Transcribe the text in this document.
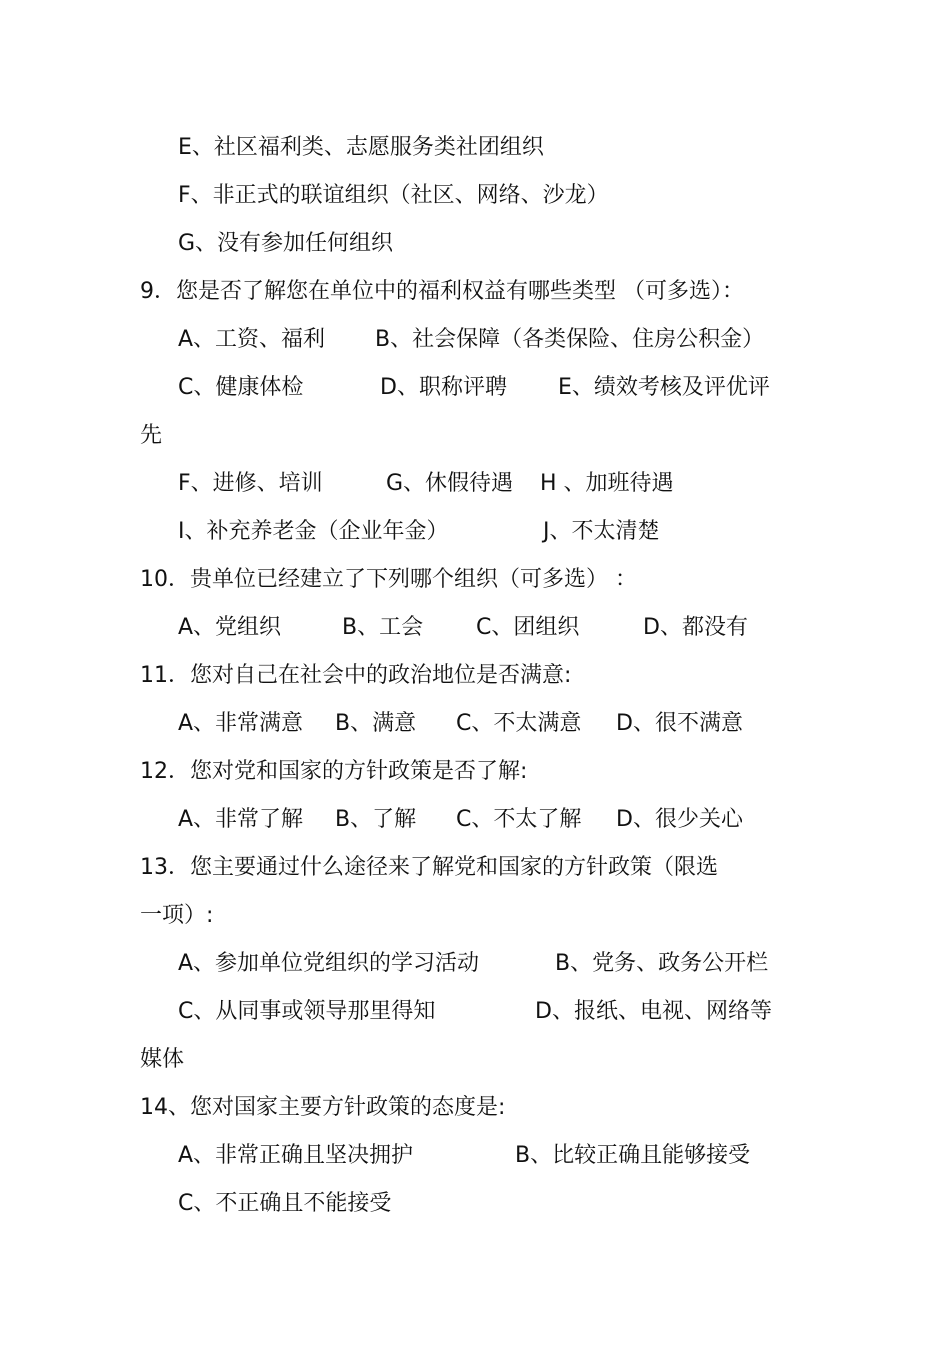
E、社区福利类、志愿服务类社团组织
F、非正式的联谊组织（社区、网络、沙龙）
G、没有参加任何组织
9．您是否了解您在单位中的福利权益有哪些类型 （可多选）：
A、工资、福利 B、社会保障（各类保险、住房公积金）
C、健康体检	D、职称评聘 E、绩效考核及评优评
先
F、进修、培训	G、休假待遇 H 、加班待遇
I、补充养老金（企业年金）	J、不太清楚
10．贵单位已经建立了下列哪个组织（可多选） ：
A、党组织	B、工会 C、团组织	D、都没有
11．您对自己在社会中的政治地位是否满意:
A、非常满意 B、满意 C、不太满意 D、很不满意
12．您对党和国家的方针政策是否了解:
A、非常了解 B、了解 C、不太了解 D、很少关心
13．您主要通过什么途径来了解党和国家的方针政策（限选
一项）:
A、参加单位党组织的学习活动	B、党务、政务公开栏
C、从同事或领导那里得知	D、报纸、电视、网络等
媒体
14、您对国家主要方针政策的态度是:
A、非常正确且坚决拥护	B、比较正确且能够接受
C、不正确且不能接受
